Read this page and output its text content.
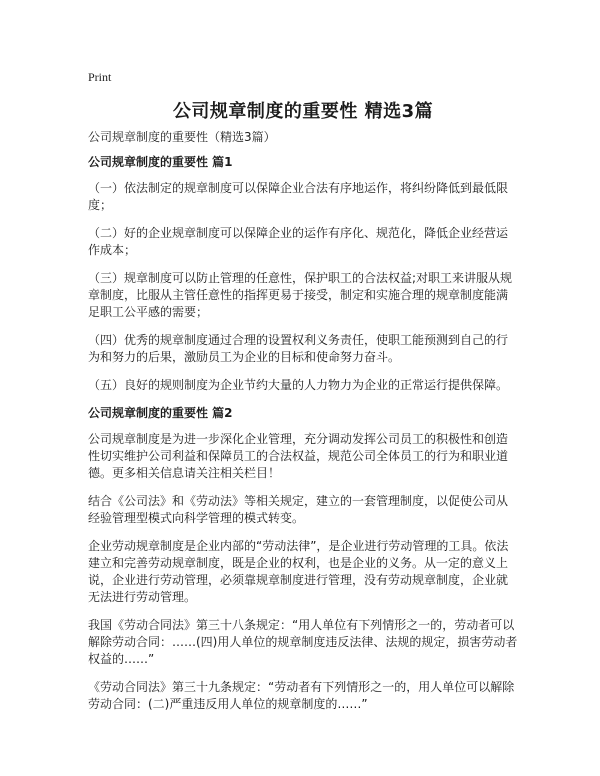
Print
公司规章制度的重要性 精选3篇

公司规章制度的重要性（精选3篇）

公司规章制度的重要性 篇1

（一）依法制定的规章制度可以保障企业合法有序地运作，将纠纷降低到最低限度；

（二）好的企业规章制度可以保障企业的运作有序化、规范化，降低企业经营运作成本；

（三）规章制度可以防止管理的任意性，保护职工的合法权益;对职工来讲服从规章制度，比服从主管任意性的指挥更易于接受，制定和实施合理的规章制度能满足职工公平感的需要；

（四）优秀的规章制度通过合理的设置权利义务责任，使职工能预测到自己的行为和努力的后果，激励员工为企业的目标和使命努力奋斗。

（五）良好的规则制度为企业节约大量的人力物力为企业的正常运行提供保障。

公司规章制度的重要性 篇2

公司规章制度是为进一步深化企业管理，充分调动发挥公司员工的积极性和创造性切实维护公司利益和保障员工的合法权益，规范公司全体员工的行为和职业道德。更多相关信息请关注相关栏目！

结合《公司法》和《劳动法》等相关规定，建立的一套管理制度，以促使公司从经验管理型模式向科学管理的模式转变。

企业劳动规章制度是企业内部的“劳动法律”，是企业进行劳动管理的工具。依法建立和完善劳动规章制度，既是企业的权利，也是企业的义务。从一定的意义上说，企业进行劳动管理，必须靠规章制度进行管理，没有劳动规章制度，企业就无法进行劳动管理。

我国《劳动合同法》第三十八条规定：“用人单位有下列情形之一的，劳动者可以解除劳动合同：……(四)用人单位的规章制度违反法律、法规的规定，损害劳动者权益的……”

《劳动合同法》第三十九条规定：“劳动者有下列情形之一的，用人单位可以解除劳动合同：(二)严重违反用人单位的规章制度的……”
